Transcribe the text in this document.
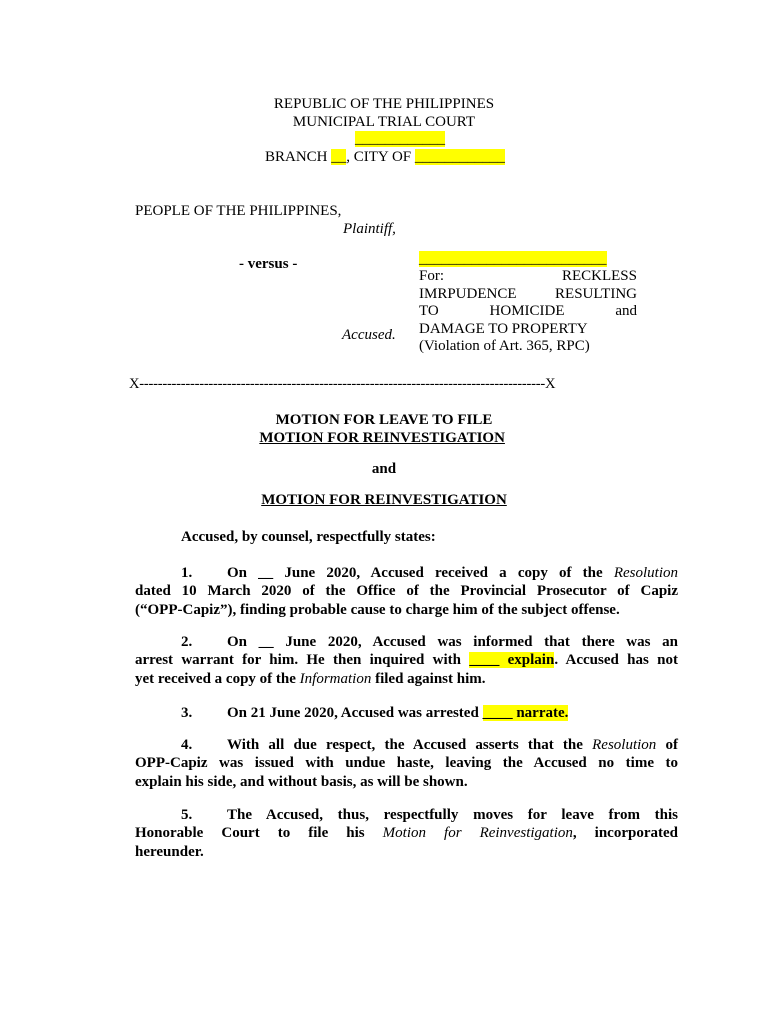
REPUBLIC OF THE PHILIPPINES
MUNICIPAL TRIAL COURT
____________
BRANCH __, CITY OF ____________
PEOPLE OF THE PHILIPPINES,
Plaintiff,
- versus -	_________________________
Accused.
For: RECKLESS
IMRPUDENCE RESULTING
TO HOMICIDE and
DAMAGE TO PROPERTY
(Violation of Art. 365, RPC)
X----------------------------------------------------------------------------------------X
MOTION FOR LEAVE TO FILE
MOTION FOR REINVESTIGATION
and
MOTION FOR REINVESTIGATION
Accused, by counsel, respectfully states:
1. On __ June 2020, Accused received a copy of the Resolution
dated 10 March 2020 of the Office of the Provincial Prosecutor of Capiz
(“OPP-Capiz”), finding probable cause to charge him of the subject offense.
2. On __ June 2020, Accused was informed that there was an
arrest warrant for him. He then inquired with ____ explain. Accused has not
yet received a copy of the Information filed against him.
3. On 21 June 2020, Accused was arrested ____ narrate.
4. With all due respect, the Accused asserts that the Resolution of
OPP-Capiz was issued with undue haste, leaving the Accused no time to
explain his side, and without basis, as will be shown.
5. The Accused, thus, respectfully moves for leave from this
Honorable Court to file his Motion for Reinvestigation, incorporated
hereunder.
